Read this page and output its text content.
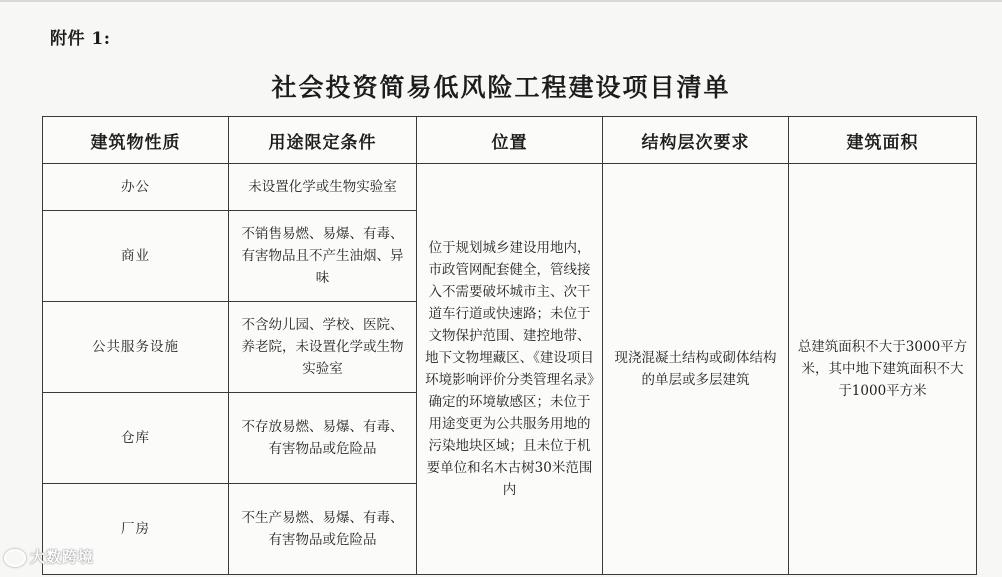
附件 1:
社会投资简易低风险工程建设项目清单
建筑物性质	用途限定条件	位置	结构层次要求	建筑面积
办公	未设置化学或生物实验室	位于规划城乡建设用地内，市政管网配套健全，管线接入不需要破坏城市主、次干道车行道或快速路；未位于文物保护范围、建控地带、地下文物埋藏区、《建设项目环境影响评价分类管理名录》确定的环境敏感区；未位于用途变更为公共服务用地的污染地块区域；且未位于机要单位和名木古树30米范围内	现浇混凝土结构或砌体结构的单层或多层建筑	总建筑面积不大于3000平方米，其中地下建筑面积不大于1000平方米
商业	不销售易燃、易爆、有毒、有害物品且不产生油烟、异味			
公共服务设施	不含幼儿园、学校、医院、养老院，未设置化学或生物实验室			
仓库	不存放易燃、易爆、有毒、有害物品或危险品			
厂房	不生产易燃、易爆、有毒、有害物品或危险品			
大数跨境
